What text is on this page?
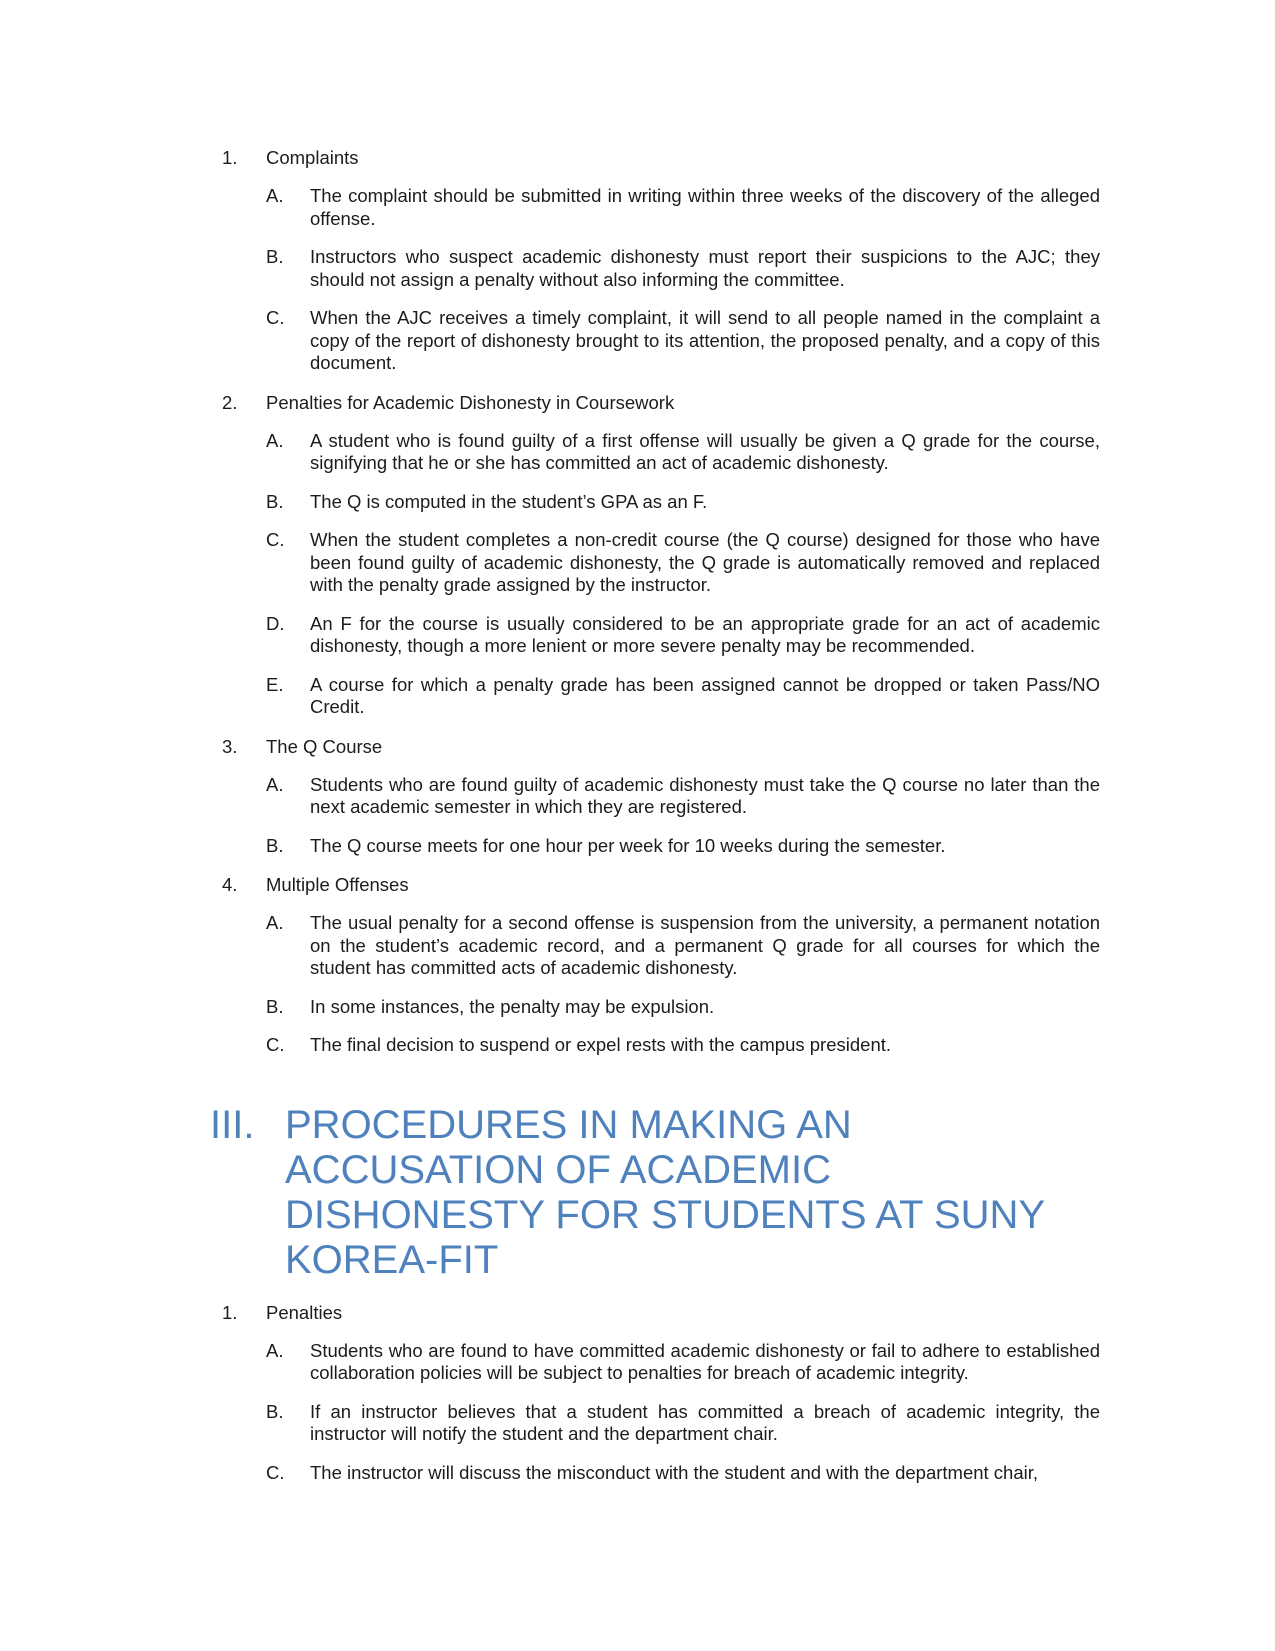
1.	Complaints
A.	The complaint should be submitted in writing within three weeks of the discovery of the alleged offense.
B.	Instructors who suspect academic dishonesty must report their suspicions to the AJC; they should not assign a penalty without also informing the committee.
C.	When the AJC receives a timely complaint, it will send to all people named in the complaint a copy of the report of dishonesty brought to its attention, the proposed penalty, and a copy of this document.
2.	Penalties for Academic Dishonesty in Coursework
A.	A student who is found guilty of a first offense will usually be given a Q grade for the course, signifying that he or she has committed an act of academic dishonesty.
B.	The Q is computed in the student’s GPA as an F.
C.	When the student completes a non-credit course (the Q course) designed for those who have been found guilty of academic dishonesty, the Q grade is automatically removed and replaced with the penalty grade assigned by the instructor.
D.	An F for the course is usually considered to be an appropriate grade for an act of academic dishonesty, though a more lenient or more severe penalty may be recommended.
E.	A course for which a penalty grade has been assigned cannot be dropped or taken Pass/NO Credit.
3.	The Q Course
A.	Students who are found guilty of academic dishonesty must take the Q course no later than the next academic semester in which they are registered.
B.	The Q course meets for one hour per week for 10 weeks during the semester.
4.	Multiple Offenses
A.	The usual penalty for a second offense is suspension from the university, a permanent notation on the student’s academic record, and a permanent Q grade for all courses for which the student has committed acts of academic dishonesty.
B.	In some instances, the penalty may be expulsion.
C.	The final decision to suspend or expel rests with the campus president.
III. PROCEDURES IN MAKING AN ACCUSATION OF ACADEMIC DISHONESTY FOR STUDENTS AT SUNY KOREA-FIT
1.	Penalties
A.	Students who are found to have committed academic dishonesty or fail to adhere to established collaboration policies will be subject to penalties for breach of academic integrity.
B.	If an instructor believes that a student has committed a breach of academic integrity, the instructor will notify the student and the department chair.
C.	The instructor will discuss the misconduct with the student and with the department chair,
